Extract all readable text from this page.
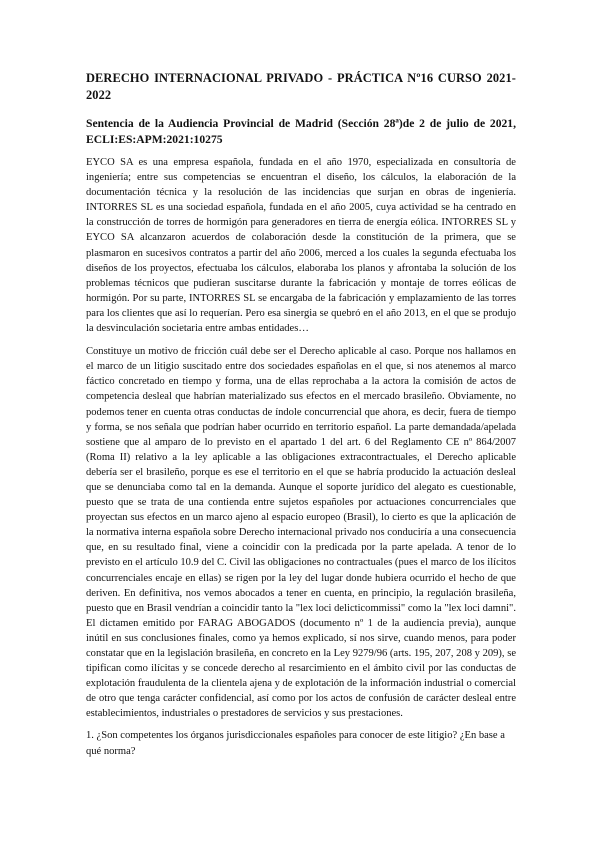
DERECHO INTERNACIONAL PRIVADO - PRÁCTICA Nº16 CURSO 2021-2022
Sentencia de la Audiencia Provincial de Madrid (Sección 28ª)de 2 de julio de 2021, ECLI:ES:APM:2021:10275

EYCO SA es una empresa española, fundada en el año 1970, especializada en consultoría de ingeniería; entre sus competencias se encuentran el diseño, los cálculos, la elaboración de la documentación técnica y la resolución de las incidencias que surjan en obras de ingeniería. INTORRES SL es una sociedad española, fundada en el año 2005, cuya actividad se ha centrado en la construcción de torres de hormigón para generadores en tierra de energía eólica. INTORRES SL y EYCO SA alcanzaron acuerdos de colaboración desde la constitución de la primera, que se plasmaron en sucesivos contratos a partir del año 2006, merced a los cuales la segunda efectuaba los diseños de los proyectos, efectuaba los cálculos, elaboraba los planos y afrontaba la solución de los problemas técnicos que pudieran suscitarse durante la fabricación y montaje de torres eólicas de hormigón. Por su parte, INTORRES SL se encargaba de la fabricación y emplazamiento de las torres para los clientes que así lo requerían. Pero esa sinergia se quebró en el año 2013, en el que se produjo la desvinculación societaria entre ambas entidades…

Constituye un motivo de fricción cuál debe ser el Derecho aplicable al caso. Porque nos hallamos en el marco de un litigio suscitado entre dos sociedades españolas en el que, si nos atenemos al marco fáctico concretado en tiempo y forma, una de ellas reprochaba a la actora la comisión de actos de competencia desleal que habrían materializado sus efectos en el mercado brasileño. Obviamente, no podemos tener en cuenta otras conductas de índole concurrencial que ahora, es decir, fuera de tiempo y forma, se nos señala que podrían haber ocurrido en territorio español. La parte demandada/apelada sostiene que al amparo de lo previsto en el apartado 1 del art. 6 del Reglamento CE nº 864/2007 (Roma II) relativo a la ley aplicable a las obligaciones extracontractuales, el Derecho aplicable debería ser el brasileño, porque es ese el territorio en el que se habría producido la actuación desleal que se denunciaba como tal en la demanda. Aunque el soporte jurídico del alegato es cuestionable, puesto que se trata de una contienda entre sujetos españoles por actuaciones concurrenciales que proyectan sus efectos en un marco ajeno al espacio europeo (Brasil), lo cierto es que la aplicación de la normativa interna española sobre Derecho internacional privado nos conduciría a una consecuencia que, en su resultado final, viene a coincidir con la predicada por la parte apelada. A tenor de lo previsto en el artículo 10.9 del C. Civil las obligaciones no contractuales (pues el marco de los ilícitos concurrenciales encaje en ellas) se rigen por la ley del lugar donde hubiera ocurrido el hecho de que deriven. En definitiva, nos vemos abocados a tener en cuenta, en principio, la regulación brasileña, puesto que en Brasil vendrían a coincidir tanto la "lex loci delicticommissi" como la "lex loci damni". El dictamen emitido por FARAG ABOGADOS (documento nº 1 de la audiencia previa), aunque inútil en sus conclusiones finales, como ya hemos explicado, sí nos sirve, cuando menos, para poder constatar que en la legislación brasileña, en concreto en la Ley 9279/96 (arts. 195, 207, 208 y 209), se tipifican como ilícitas y se concede derecho al resarcimiento en el ámbito civil por las conductas de explotación fraudulenta de la clientela ajena y de explotación de la información industrial o comercial de otro que tenga carácter confidencial, así como por los actos de confusión de carácter desleal entre establecimientos, industriales o prestadores de servicios y sus prestaciones.

1. ¿Son competentes los órganos jurisdiccionales españoles para conocer de este litigio? ¿En base a qué norma?
